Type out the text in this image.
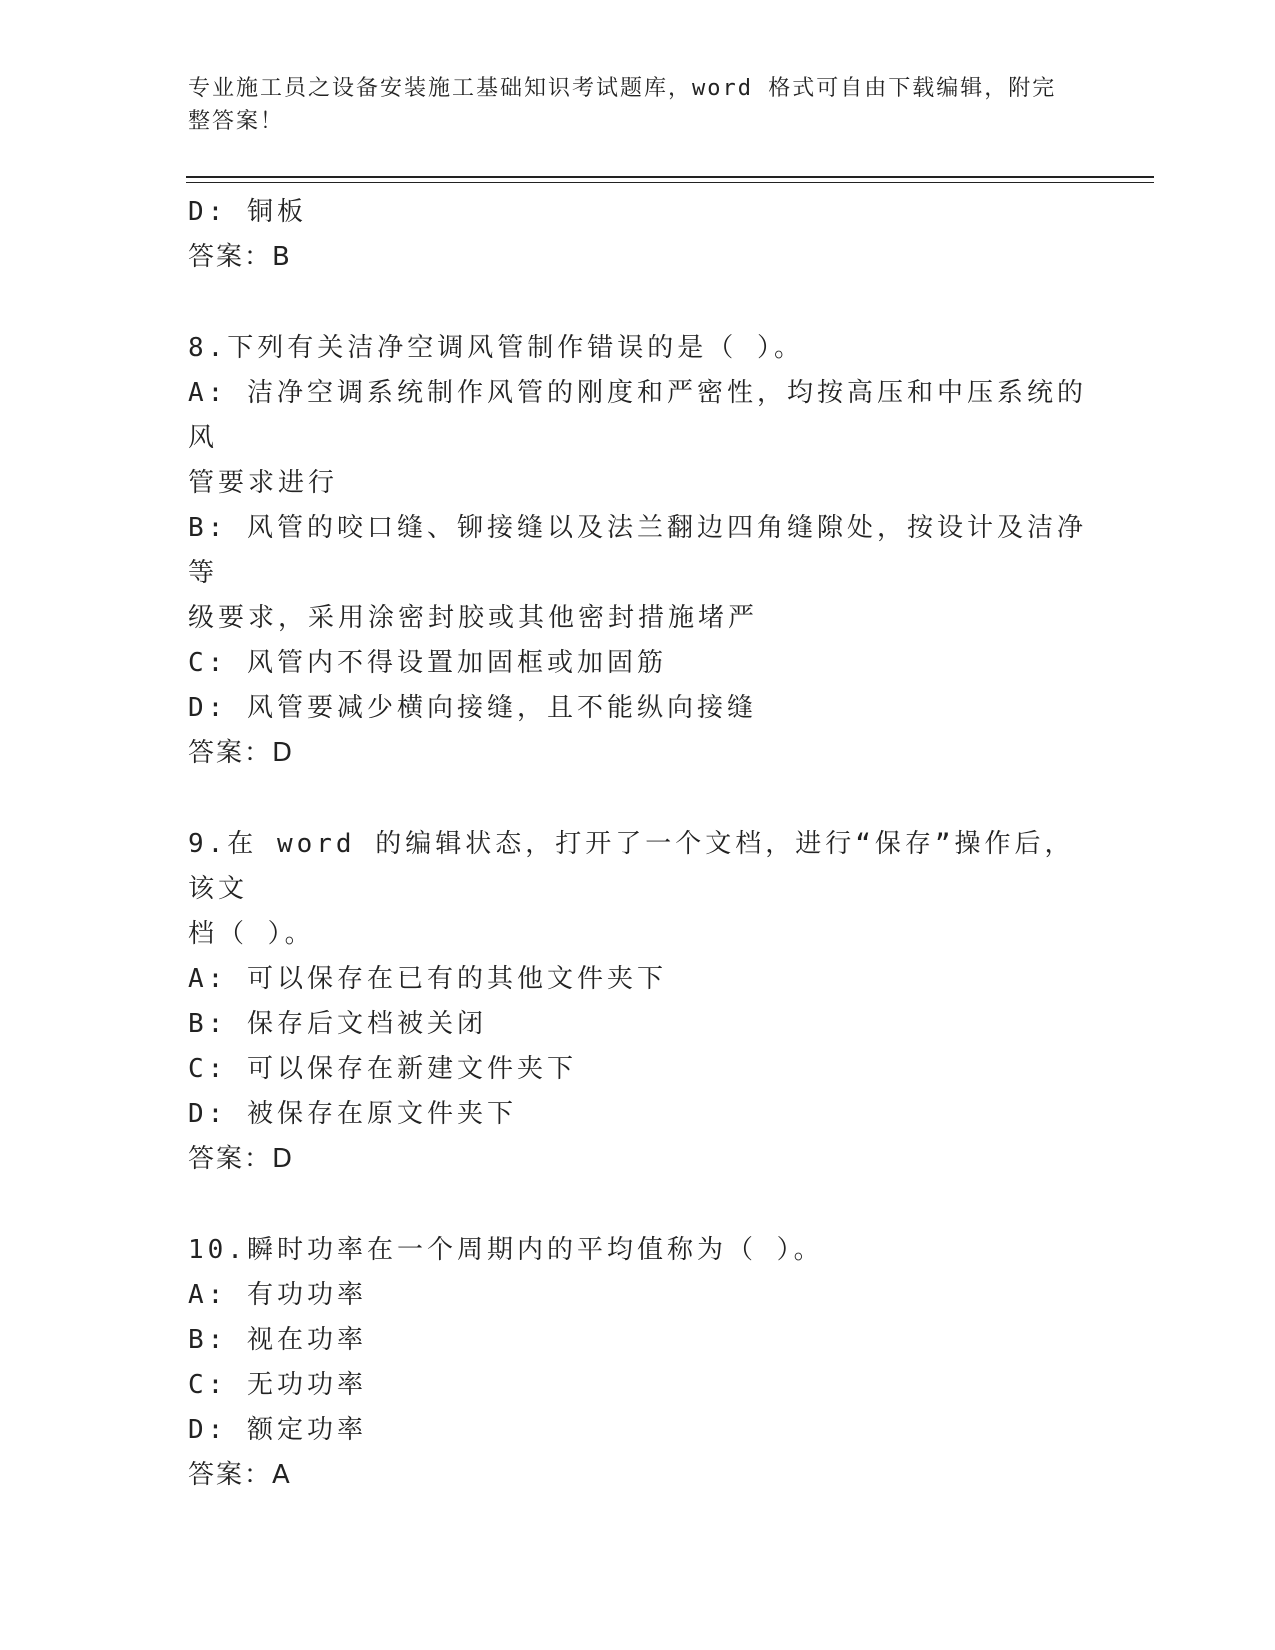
专业施工员之设备安装施工基础知识考试题库，word 格式可自由下载编辑，附完
整答案！
D: 铜板
答案：B
8.下列有关洁净空调风管制作错误的是（ ）。
A: 洁净空调系统制作风管的刚度和严密性，均按高压和中压系统的风
管要求进行
B: 风管的咬口缝、铆接缝以及法兰翻边四角缝隙处，按设计及洁净等
级要求，采用涂密封胶或其他密封措施堵严
C: 风管内不得设置加固框或加固筋
D: 风管要减少横向接缝，且不能纵向接缝
答案：D
9.在 word 的编辑状态，打开了一个文档，进行“保存”操作后，该文
档（ ）。
A: 可以保存在已有的其他文件夹下
B: 保存后文档被关闭
C: 可以保存在新建文件夹下
D: 被保存在原文件夹下
答案：D
10.瞬时功率在一个周期内的平均值称为（ ）。
A: 有功功率
B: 视在功率
C: 无功功率
D: 额定功率
答案：A
